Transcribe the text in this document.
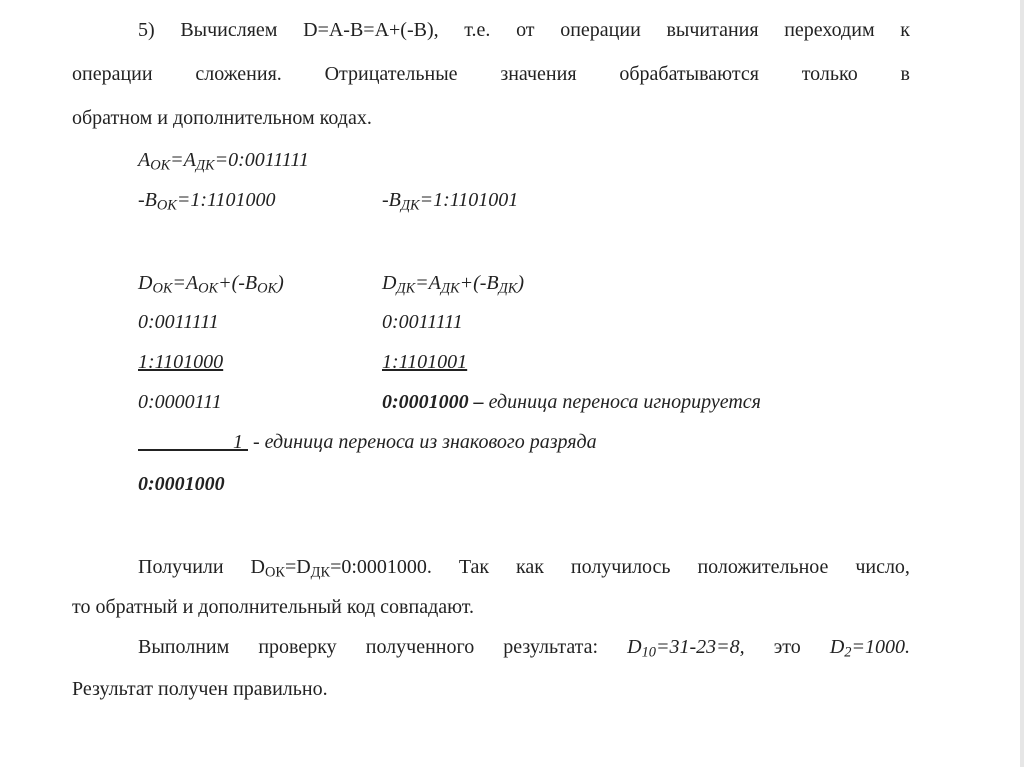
5) Вычисляем D=A-B=A+(-B), т.е. от операции вычитания переходим к
операции сложения. Отрицательные значения обрабатываются только в
обратном и дополнительном кодах.
$A_{ОК}=A_{ДК}=0:0011111$
$-B_{ОК}=1:1101000$	$-B_{ДК}=1:1101001$
$D_{ОК}=A_{ОК}+(-B_{ОК})$
0:0011111
1:1101000
0:0000111
1  - единица переноса из знакового разряда
0:0001000
$D_{ДК}=A_{ДК}+(-B_{ДК})$
0:0011111
1:1101001
0:0001000 – единица переноса игнорируется
Получили $D_{ОК}=D_{ДК}=0:0001000$. Так как получилось положительное число,
то обратный и дополнительный код совпадают.
Выполним проверку полученного результата: $D_{10}=31-23=8$, это $D_2=1000$.
Результат получен правильно.
